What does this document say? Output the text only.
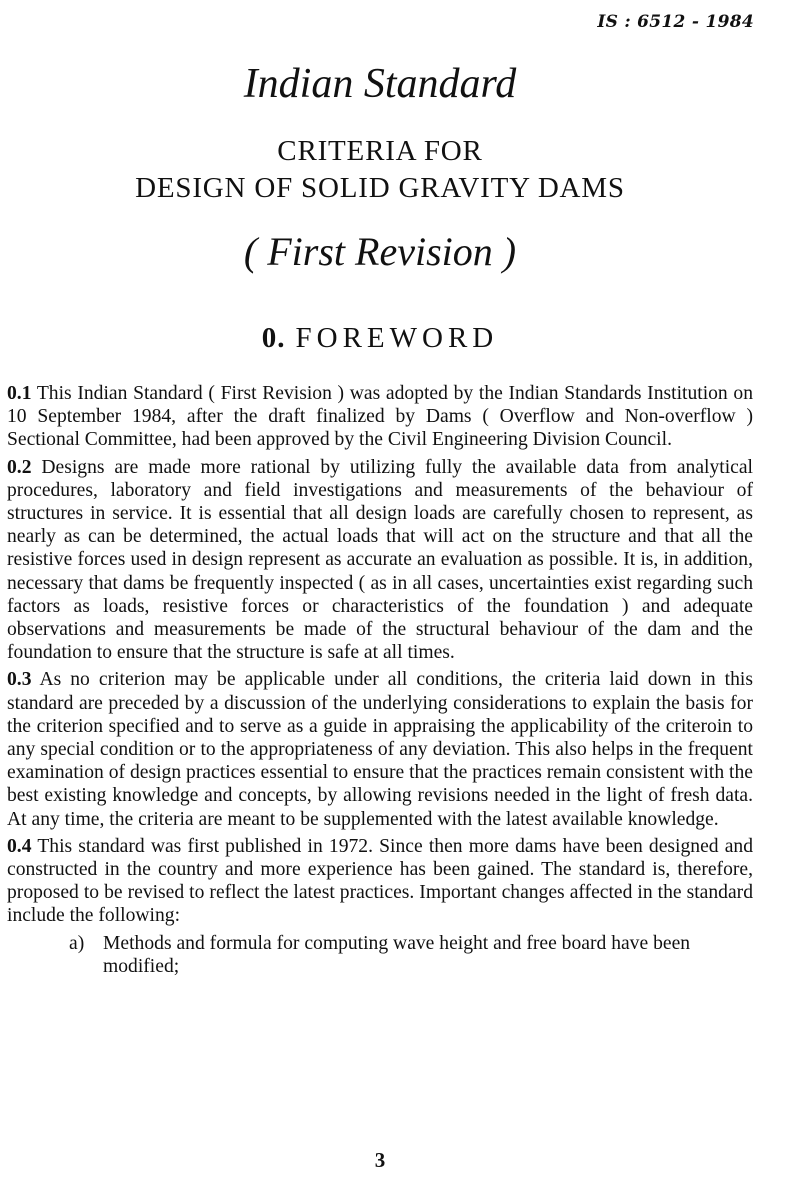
IS : 6512 - 1984
Indian Standard
CRITERIA FOR
DESIGN OF SOLID GRAVITY DAMS
( First Revision )
0. FOREWORD

0.1 This Indian Standard ( First Revision ) was adopted by the Indian Standards Institution on 10 September 1984, after the draft finalized by Dams ( Overflow and Non-overflow ) Sectional Committee, had been approved by the Civil Engineering Division Council.

0.2 Designs are made more rational by utilizing fully the available data from analytical procedures, laboratory and field investigations and measurements of the behaviour of structures in service. It is essential that all design loads are carefully chosen to represent, as nearly as can be determined, the actual loads that will act on the structure and that all the resistive forces used in design represent as accurate an evaluation as possible. It is, in addition, necessary that dams be frequently inspected ( as in all cases, uncertainties exist regarding such factors as loads, resistive forces or characteristics of the foundation ) and adequate observations and measurements be made of the structural behaviour of the dam and the foundation to ensure that the structure is safe at all times.

0.3 As no criterion may be applicable under all conditions, the criteria laid down in this standard are preceded by a discussion of the underlying considerations to explain the basis for the criterion specified and to serve as a guide in appraising the applicability of the criteroin to any special condition or to the appropriateness of any deviation. This also helps in the frequent examination of design practices essential to ensure that the practices remain consistent with the best existing knowledge and concepts, by allowing revisions needed in the light of fresh data. At any time, the criteria are meant to be supplemented with the latest available knowledge.

0.4 This standard was first published in 1972. Since then more dams have been designed and constructed in the country and more experience has been gained. The standard is, therefore, proposed to be revised to reflect the latest practices. Important changes affected in the standard include the following:

a) Methods and formula for computing wave height and free board have been modified;
3
